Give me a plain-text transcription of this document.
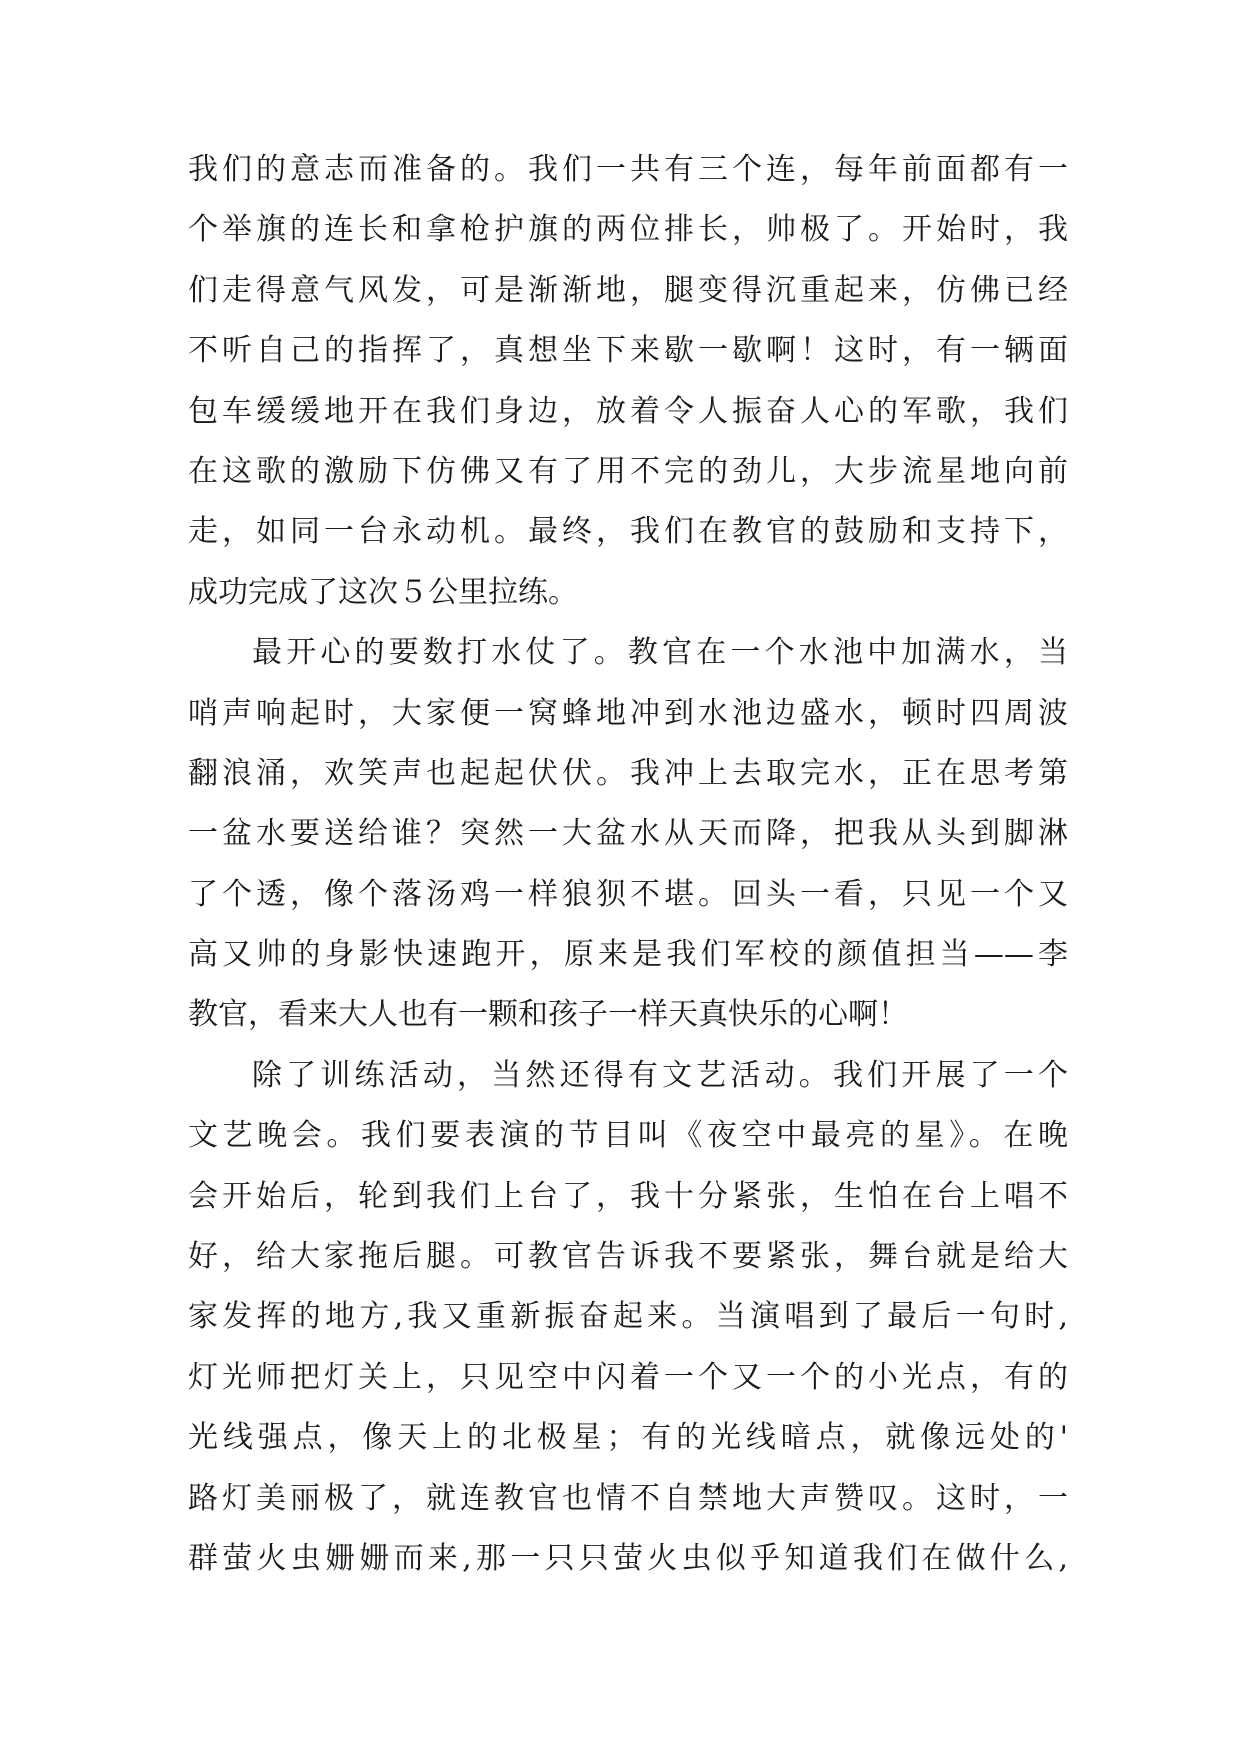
我们的意志而准备的。我们一共有三个连，每年前面都有一
个举旗的连长和拿枪护旗的两位排长，帅极了。开始时，我
们走得意气风发，可是渐渐地，腿变得沉重起来，仿佛已经
不听自己的指挥了，真想坐下来歇一歇啊！这时，有一辆面
包车缓缓地开在我们身边，放着令人振奋人心的军歌，我们
在这歌的激励下仿佛又有了用不完的劲儿，大步流星地向前
走，如同一台永动机。最终，我们在教官的鼓励和支持下，
成功完成了这次５公里拉练。
最开心的要数打水仗了。教官在一个水池中加满水，当
哨声响起时，大家便一窝蜂地冲到水池边盛水，顿时四周波
翻浪涌，欢笑声也起起伏伏。我冲上去取完水，正在思考第
一盆水要送给谁？突然一大盆水从天而降，把我从头到脚淋
了个透，像个落汤鸡一样狼狈不堪。回头一看，只见一个又
高又帅的身影快速跑开，原来是我们军校的颜值担当——李
教官，看来大人也有一颗和孩子一样天真快乐的心啊！
除了训练活动，当然还得有文艺活动。我们开展了一个
文艺晚会。我们要表演的节目叫《夜空中最亮的星》。在晚
会开始后，轮到我们上台了，我十分紧张，生怕在台上唱不
好，给大家拖后腿。可教官告诉我不要紧张，舞台就是给大
家发挥的地方,我又重新振奋起来。当演唱到了最后一句时,
灯光师把灯关上，只见空中闪着一个又一个的小光点，有的
光线强点，像天上的北极星；有的光线暗点，就像远处的'
路灯美丽极了，就连教官也情不自禁地大声赞叹。这时，一
群萤火虫姗姗而来,那一只只萤火虫似乎知道我们在做什么,
